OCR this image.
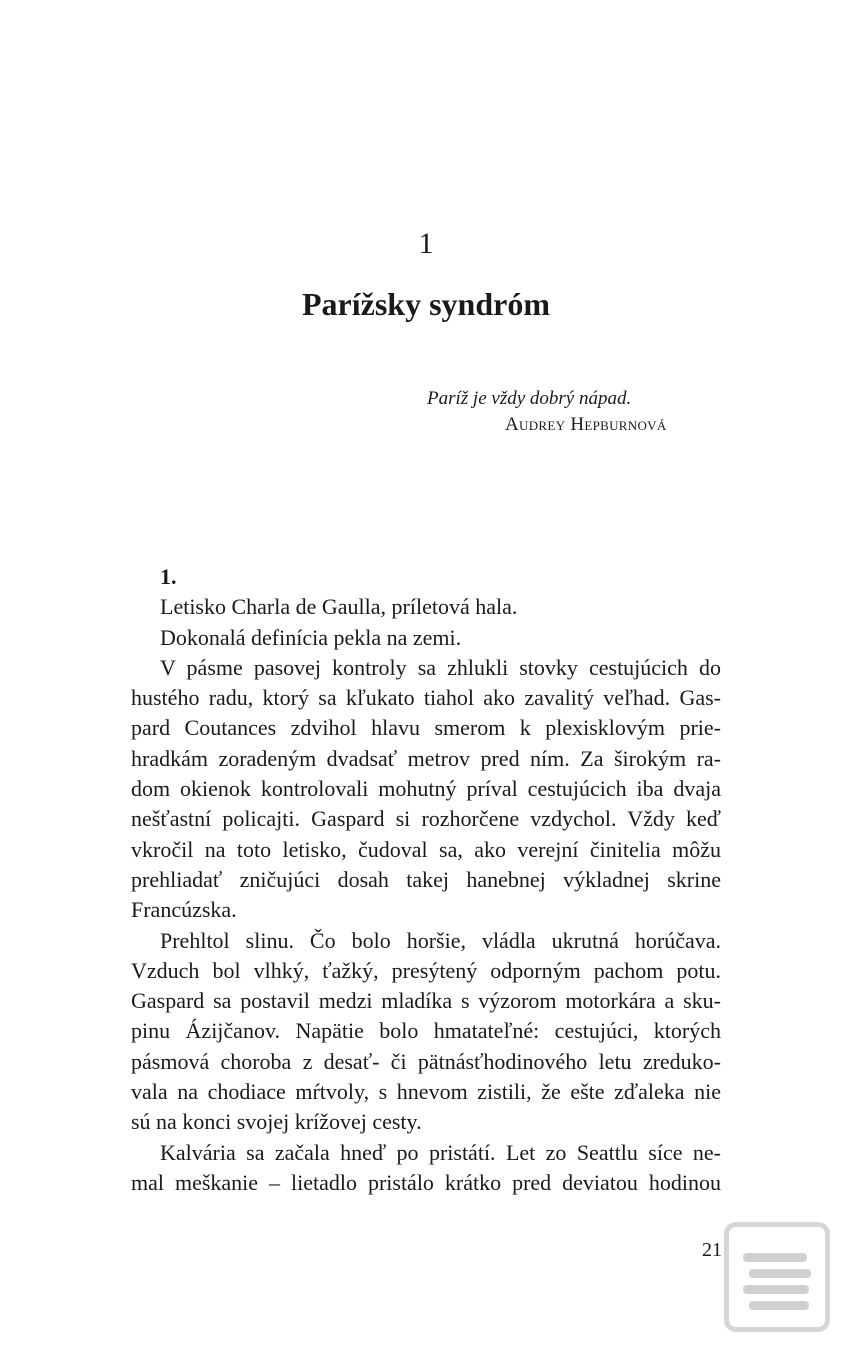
1
Parížsky syndróm
Paríž je vždy dobrý nápad.
Audrey Hepburnová
1.
Letisko Charla de Gaulla, príletová hala.
Dokonalá definícia pekla na zemi.
V pásme pasovej kontroly sa zhlukli stovky cestujúcich do
hustého radu, ktorý sa kľukato tiahol ako zavalitý veľhad. Gas-
pard Coutances zdvihol hlavu smerom k plexisklovým prie-
hradkám zoradeným dvadsať metrov pred ním. Za širokým ra-
dom okienok kontrolovali mohutný príval cestujúcich iba dvaja
nešťastní policajti. Gaspard si rozhorčene vzdychol. Vždy keď
vkročil na toto letisko, čudoval sa, ako verejní činitelia môžu
prehliadať zničujúci dosah takej hanebnej výkladnej skrine
Francúzska.
Prehltol slinu. Čo bolo horšie, vládla ukrutná horúčava.
Vzduch bol vlhký, ťažký, presýtený odporným pachom potu.
Gaspard sa postavil medzi mladíka s výzorom motorkára a sku-
pinu Ázijčanov. Napätie bolo hmatateľné: cestujúci, ktorých
pásmová choroba z desať- či pätnásťhodinového letu zreduko-
vala na chodiace mŕtvoly, s hnevom zistili, že ešte zďaleka nie
sú na konci svojej krížovej cesty.
Kalvária sa začala hneď po pristátí. Let zo Seattlu síce ne-
mal meškanie – lietadlo pristálo krátko pred deviatou hodinou
21
